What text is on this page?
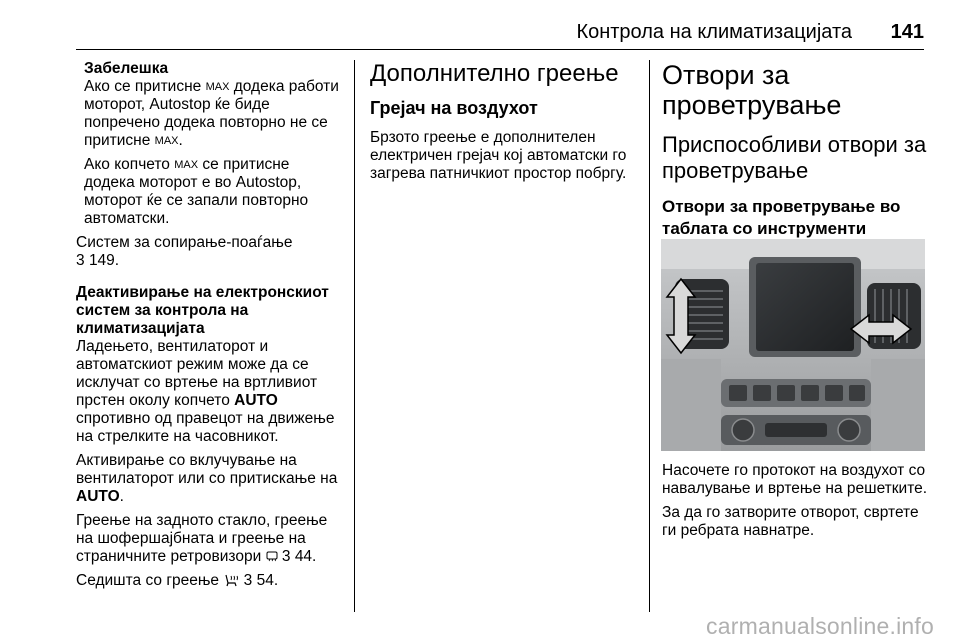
Контрола на климатизацијата 141

Забелешка

Ако се притисне MAX додека работи моторот, Autostop ќе биде попречено додека повторно не се притисне MAX.

Ако копчето MAX се притисне додека моторот е во Autostop, моторот ќе се запали повторно автоматски.

Систем за сопирање-поаѓање
3 149.

Деактивирање на електронскиот систем за контрола на климатизацијата

Ладењето, вентилаторот и автоматскиот режим може да се исклучат со вртење на вртливиот прстен околу копчето AUTO спротивно од правецот на движење на стрелките на часовникот.

Активирање со вклучување на вентилаторот или со притискање на AUTO.

Греење на задното стакло, греење на шофершајбната и греење на страничните ретровизори 3 44.

Седишта со греење 3 54.

Дополнително греење

Грејач на воздухот

Брзото греење е дополнителен електричен грејач кој автоматски го загрева патничкиот простор побргу.

Отвори за проветрување

Приспособливи отвори за проветрување

Отвори за проветрување во таблата со инструменти

Насочете го протокот на воздухот со навалување и вртење на решетките.

За да го затворите отворот, свртете ги ребрата навнатре.

carmanualsonline.info
